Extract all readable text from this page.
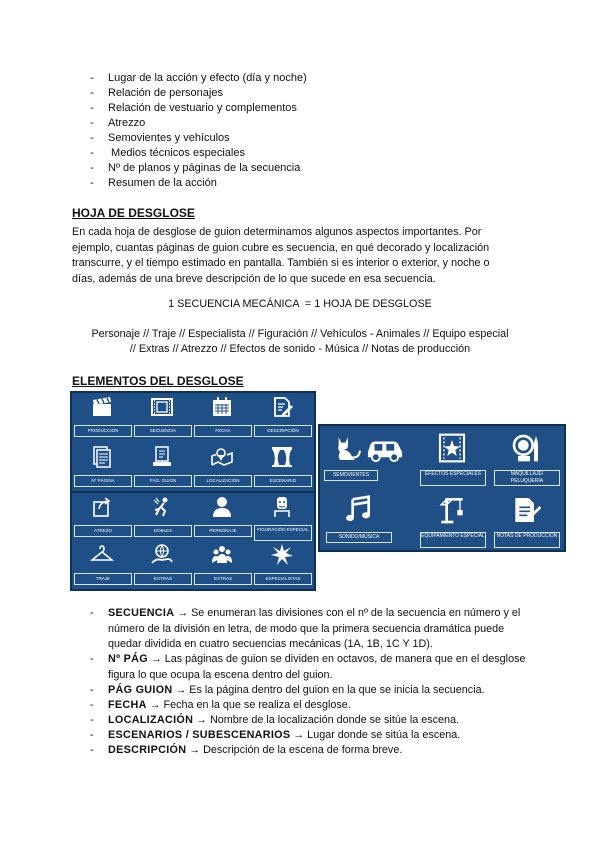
-	Lugar de la acción y efecto (día y noche)
-	Relación de personajes
-	Relación de vestuario y complementos
-	Atrezzo
-	Semovientes y vehículos
-	Medios técnicos especiales
-	Nº de planos y páginas de la secuencia
-	Resumen de la acción
HOJA DE DESGLOSE
En cada hoja de desglose de guion determinamos algunos aspectos importantes. Por ejemplo, cuantas páginas de guion cubre es secuencia, en qué decorado y localización transcurre, y el tiempo estimado en pantalla. También si es interior o exterior, y noche o días, además de una breve descripción de lo que sucede en esa secuencia.
1 SECUENCIA MECÁNICA  = 1 HOJA DE DESGLOSE
Personaje // Traje // Especialista // Figuración // Vehículos - Animales // Equipo especial
// Extras // Atrezzo // Efectos de sonido - Música // Notas de producción
ELEMENTOS DEL DESGLOSE
PRODUCCIÓN	SECUENCIA	FECHA	DESCRIPCIÓN
Nº PÁGINA	PÁG. GUION	LOCALIZACIÓN	ESCENARIO
SEMOVIENTES	EFECTOS ESPECIALES	MAQUILLAJE/ PELUQUERÍA
SONIDO/MÚSICA	EQUIPAMIENTO ESPECIAL	NOTAS DE PRODUCCIÓN
ATREZO	DOBLES	PERSONAJE	FIGURACIÓN ESPECIAL
TRAJE	EXTRAS	EXTRAS	ESPECIALISTAS
- SECUENCIA → Se enumeran las divisiones con el nº de la secuencia en número y el número de la división en letra, de modo que la primera secuencia dramática puede quedar dividida en cuatro secuencias mecánicas (1A, 1B, 1C Y 1D).
- Nº PÁG → Las páginas de guion se dividen en octavos, de manera que en el desglose figura lo que ocupa la escena dentro del guion.
- PÁG GUION → Es la página dentro del guion en la que se inicia la secuencia.
- FECHA → Fecha en la que se realiza el desglose.
- LOCALIZACIÓN → Nombre de la localización donde se sitúe la escena.
- ESCENARIOS / SUBESCENARIOS → Lugar donde se sitúa la escena.
- DESCRIPCIÓN → Descripción de la escena de forma breve.
